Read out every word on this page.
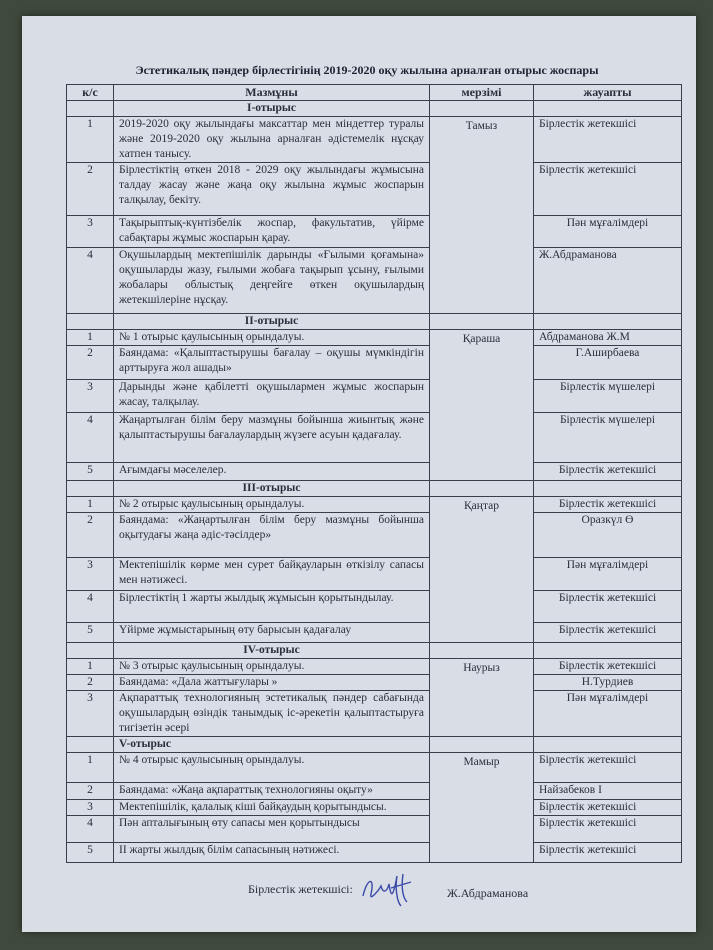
Эстетикалық пәндер бірлестігінің 2019-2020 оқу жылына арналған отырыс жоспары
к/с	Мазмұны	мерзімі	жауапты
	I-отырыс		
1	2019-2020 оқу жылындағы максаттар мен міндеттер туралы және 2019-2020 оқу жылына арналған әдістемелік нұсқау хатпен танысу.	Тамыз	Бірлестік жетекшісі
2	Бірлестіктің өткен 2018 - 2029 оқу жылындағы жұмысына талдау жасау және жаңа оқу жылына жұмыс жоспарын талқылау, бекіту.		Бірлестік жетекшісі
3	Тақырыптық-күнтізбелік жоспар, факультатив, үйірме сабақтары жұмыс жоспарын қарау.		Пән мұғалімдері
4	Оқушылардың мектепішілік дарынды «Ғылыми қоғамына» оқушыларды жазу, ғылыми жобаға тақырып ұсыну, ғылыми жобалары облыстық деңгейге өткен оқушылардың жетекшілеріне нұсқау.		Ж.Абдраманова
	II-отырыс		
1	№ 1 отырыс қаулысының орындалуы.	Қараша	Абдраманова Ж.М
2	Баяндама: «Қалыптастырушы бағалау – оқушы мүмкіндігін арттыруға жол ашады»		Г.Аширбаева
3	Дарынды және қабілетті оқушылармен жұмыс жоспарын жасау, талқылау.		Бірлестік мүшелері
4	Жаңартылған білім беру мазмұны бойынша жиынтық және қалыптастырушы бағалаулардың жүзеге асуын қадағалау.		Бірлестік мүшелері
5	Ағымдағы мәселелер.		Бірлестік жетекшісі
	III-отырыс		
1	№ 2 отырыс қаулысының орындалуы.	Қаңтар	Бірлестік жетекшісі
2	Баяндама: «Жаңартылған білім беру мазмұны бойынша оқытудағы жаңа әдіс-тәсілдер»		Оразкүл Ө
3	Мектепішілік көрме мен сурет байқауларын өткізілу сапасы мен нәтижесі.		Пән мұғалімдері
4	Бірлестіктің 1 жарты жылдық жұмысын қорытындылау.		Бірлестік жетекшісі
5	Үйірме жұмыстарының өту барысын қадағалау		Бірлестік жетекшісі
	IV-отырыс		
1	№ 3 отырыс қаулысының орындалуы.	Наурыз	Бірлестік жетекшісі
2	Баяндама: «Дала жаттығулары »		Н.Турдиев
3	Ақпараттық технологияның эстетикалық пәндер сабағында оқушылардың өзіндік танымдық іс-әрекетін қалыптастыруға тигізетін әсері		Пән мұғалімдері
	V-отырыс		
1	№ 4 отырыс қаулысының орындалуы.	Мамыр	Бірлестік жетекшісі
2	Баяндама: «Жаңа ақпараттық технологияны оқыту»		Найзабеков І
3	Мектепішілік, қалалық кіші байқаудың қорытындысы.		Бірлестік жетекшісі
4	Пән апталығының өту сапасы мен қорытындысы		Бірлестік жетекшісі
5	ІІ жарты жылдық білім сапасының нәтижесі.		Бірлестік жетекшісі
Бірлестік жетекшісі:	Ж.Абдраманова
